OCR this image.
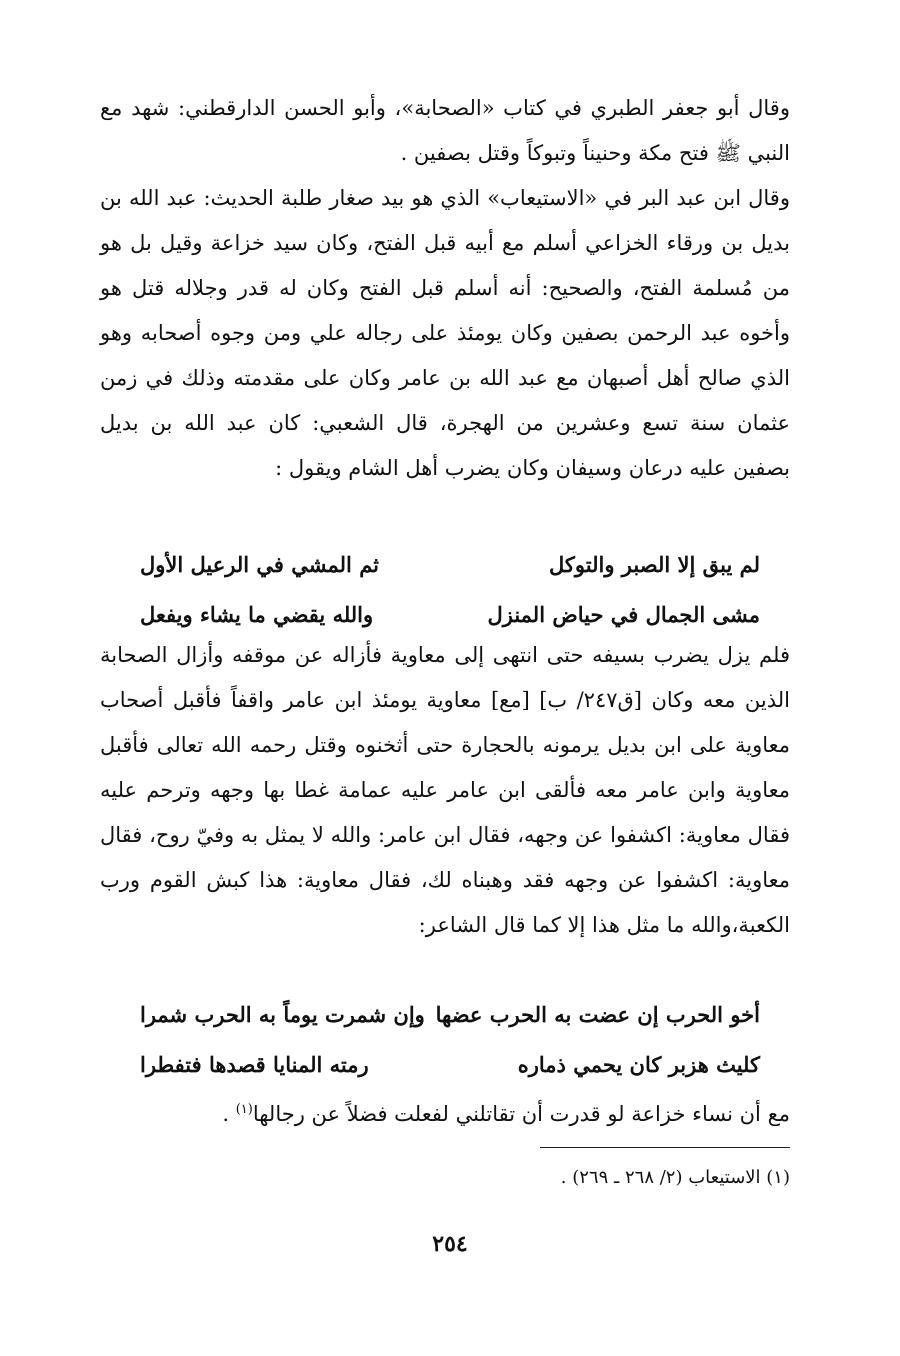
وقال أبو جعفر الطبري في كتاب «الصحابة»، وأبو الحسن الدارقطني: شهد مع النبي ﷺ فتح مكة وحنيناً وتبوكاً وقتل بصفين .

وقال ابن عبد البر في «الاستيعاب» الذي هو بيد صغار طلبة الحديث: عبد الله بن بديل بن ورقاء الخزاعي أسلم مع أبيه قبل الفتح، وكان سيد خزاعة وقيل بل هو من مُسلمة الفتح، والصحيح: أنه أسلم قبل الفتح وكان له قدر وجلاله قتل هو وأخوه عبد الرحمن بصفين وكان يومئذ على رجاله علي ومن وجوه أصحابه وهو الذي صالح أهل أصبهان مع عبد الله بن عامر وكان على مقدمته وذلك في زمن عثمان سنة تسع وعشرين من الهجرة، قال الشعبي: كان عبد الله بن بديل بصفين عليه درعان وسيفان وكان يضرب أهل الشام ويقول :

لم يبق إلا الصبر والتوكل
ثم المشي في الرعيل الأول
مشى الجمال في حياض المنزل
والله يقضي ما يشاء ويفعل

فلم يزل يضرب بسيفه حتى انتهى إلى معاوية فأزاله عن موقفه وأزال الصحابة الذين معه وكان [ق٢٤٧/ ب] [مع] معاوية يومئذ ابن عامر واقفاً فأقبل أصحاب معاوية على ابن بديل يرمونه بالحجارة حتى أثخنوه وقتل رحمه الله تعالى فأقبل معاوية وابن عامر معه فألقى ابن عامر عليه عمامة غطا بها وجهه وترحم عليه فقال معاوية: اكشفوا عن وجهه، فقال ابن عامر: والله لا يمثل به وفيّ روح، فقال معاوية: اكشفوا عن وجهه فقد وهبناه لك، فقال معاوية: هذا كبش القوم ورب الكعبة،والله ما مثل هذا إلا كما قال الشاعر:

أخو الحرب إن عضت به الحرب عضها
وإن شمرت يوماً به الحرب شمرا
كليث هزبر كان يحمي ذماره
رمته المنايا قصدها فتفطرا

مع أن نساء خزاعة لو قدرت أن تقاتلني لفعلت فضلاً عن رجالها$^{(١)}$ .

(١) الاستيعاب (٢/ ٢٦٨ ـ ٢٦٩) .
٢٥٤
